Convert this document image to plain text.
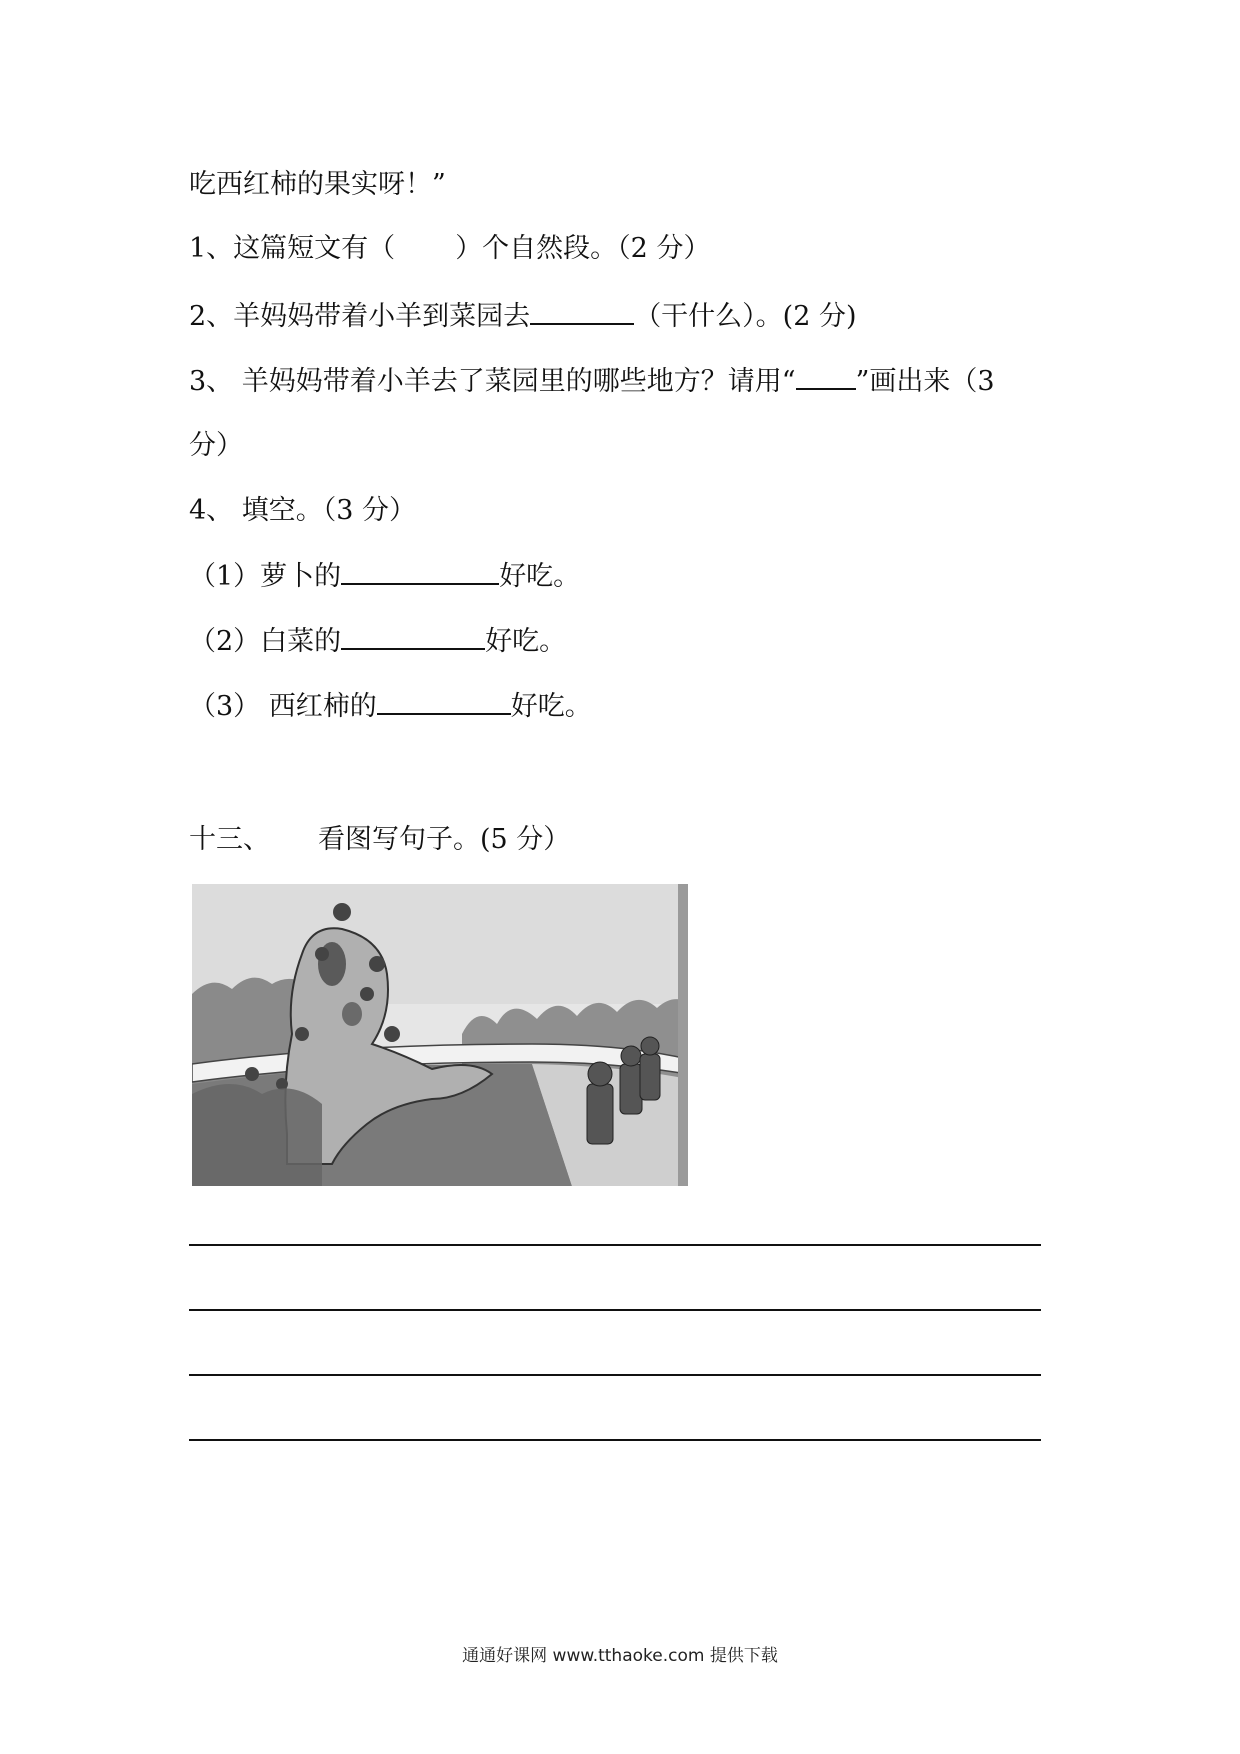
吃西红柿的果实呀！”
1、这篇短文有（ ）个自然段。（2 分）
2、羊妈妈带着小羊到菜园去	（干什么）。(2 分)
3、 羊妈妈带着小羊去了菜园里的哪些地方？请用“ ”画出来（3
分）
4、 填空。（3 分）
（1）萝卜的	好吃。
（2）白菜的	好吃。
（3） 西红柿的	好吃。
十三、 看图写句子。(5 分）
通通好课网 www.tthaoke.com 提供下载
